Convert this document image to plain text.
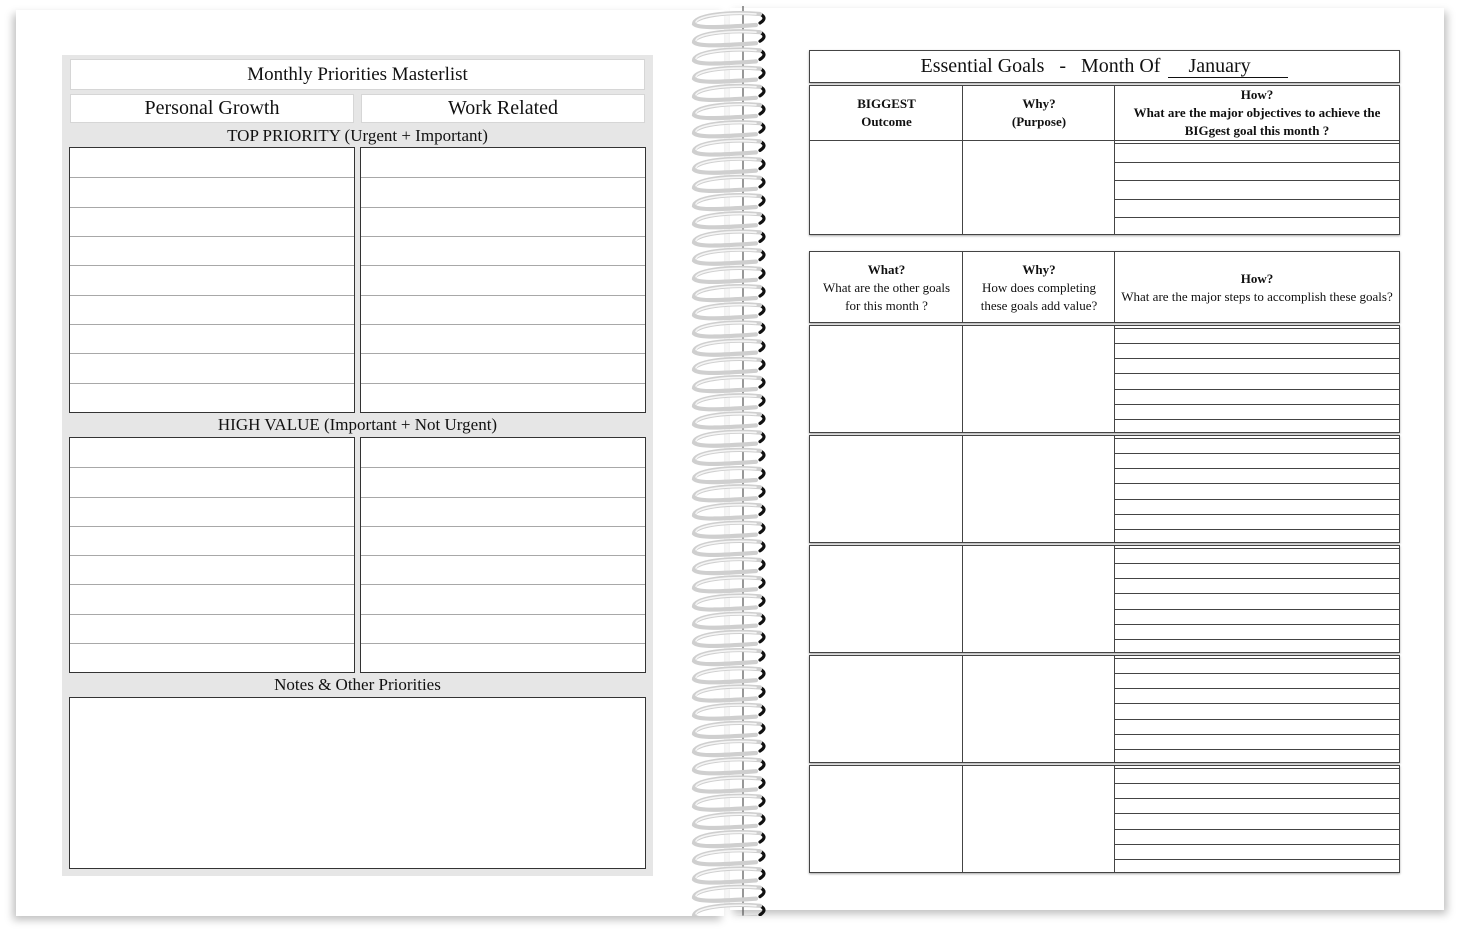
Monthly Priorities Masterlist
Personal Growth	Work Related
TOP PRIORITY (Urgent + Important)
HIGH VALUE (Important + Not Urgent)
Notes & Other Priorities
Essential Goals   -   Month Of	January
BIGGEST
Outcome
Why?
(Purpose)
How?
What are the major objectives to achieve the BIGgest goal this month ?
What?
What are the other goals for this month ?
Why?
How does completing these goals add value?
How?
What are the major steps to accomplish these goals?
